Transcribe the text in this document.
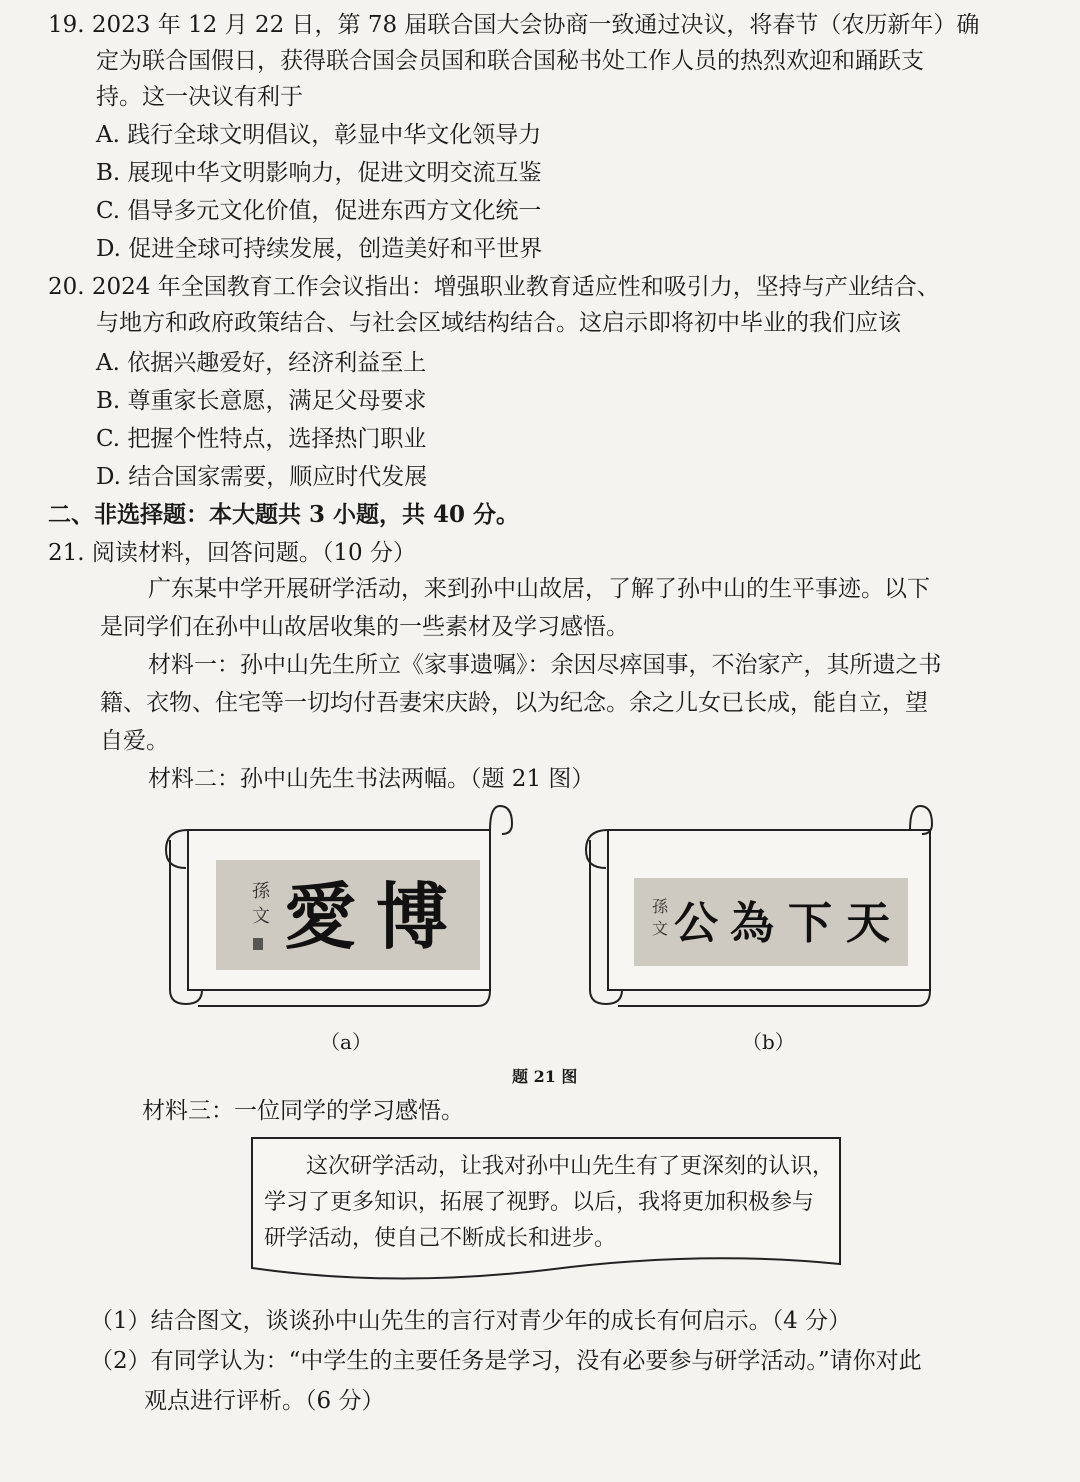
19. 2023 年 12 月 22 日，第 78 届联合国大会协商一致通过决议，将春节（农历新年）确
定为联合国假日，获得联合国会员国和联合国秘书处工作人员的热烈欢迎和踊跃支
持。这一决议有利于
A. 践行全球文明倡议，彰显中华文化领导力
B. 展现中华文明影响力，促进文明交流互鉴
C. 倡导多元文化价值，促进东西方文化统一
D. 促进全球可持续发展，创造美好和平世界
20. 2024 年全国教育工作会议指出：增强职业教育适应性和吸引力，坚持与产业结合、
与地方和政府政策结合、与社会区域结构结合。这启示即将初中毕业的我们应该
A. 依据兴趣爱好，经济利益至上
B. 尊重家长意愿，满足父母要求
C. 把握个性特点，选择热门职业
D. 结合国家需要，顺应时代发展
二、非选择题：本大题共 3 小题，共 40 分。
21. 阅读材料，回答问题。（10 分）
广东某中学开展研学活动，来到孙中山故居，了解了孙中山的生平事迹。以下
是同学们在孙中山故居收集的一些素材及学习感悟。
材料一：孙中山先生所立《家事遗嘱》：余因尽瘁国事，不治家产，其所遗之书
籍、衣物、住宅等一切均付吾妻宋庆龄，以为纪念。余之儿女已长成，能自立，望
自爱。
材料二：孙中山先生书法两幅。（题 21 图）
孫
文 博
愛
（a）
孫
文	天
下
為
公
（b）
题 21 图
材料三：一位同学的学习感悟。
这次研学活动，让我对孙中山先生有了更深刻的认识，
学习了更多知识，拓展了视野。以后，我将更加积极参与
研学活动，使自己不断成长和进步。
（1）结合图文，谈谈孙中山先生的言行对青少年的成长有何启示。（4 分）
（2）有同学认为：“中学生的主要任务是学习，没有必要参与研学活动。”请你对此
观点进行评析。（6 分）
